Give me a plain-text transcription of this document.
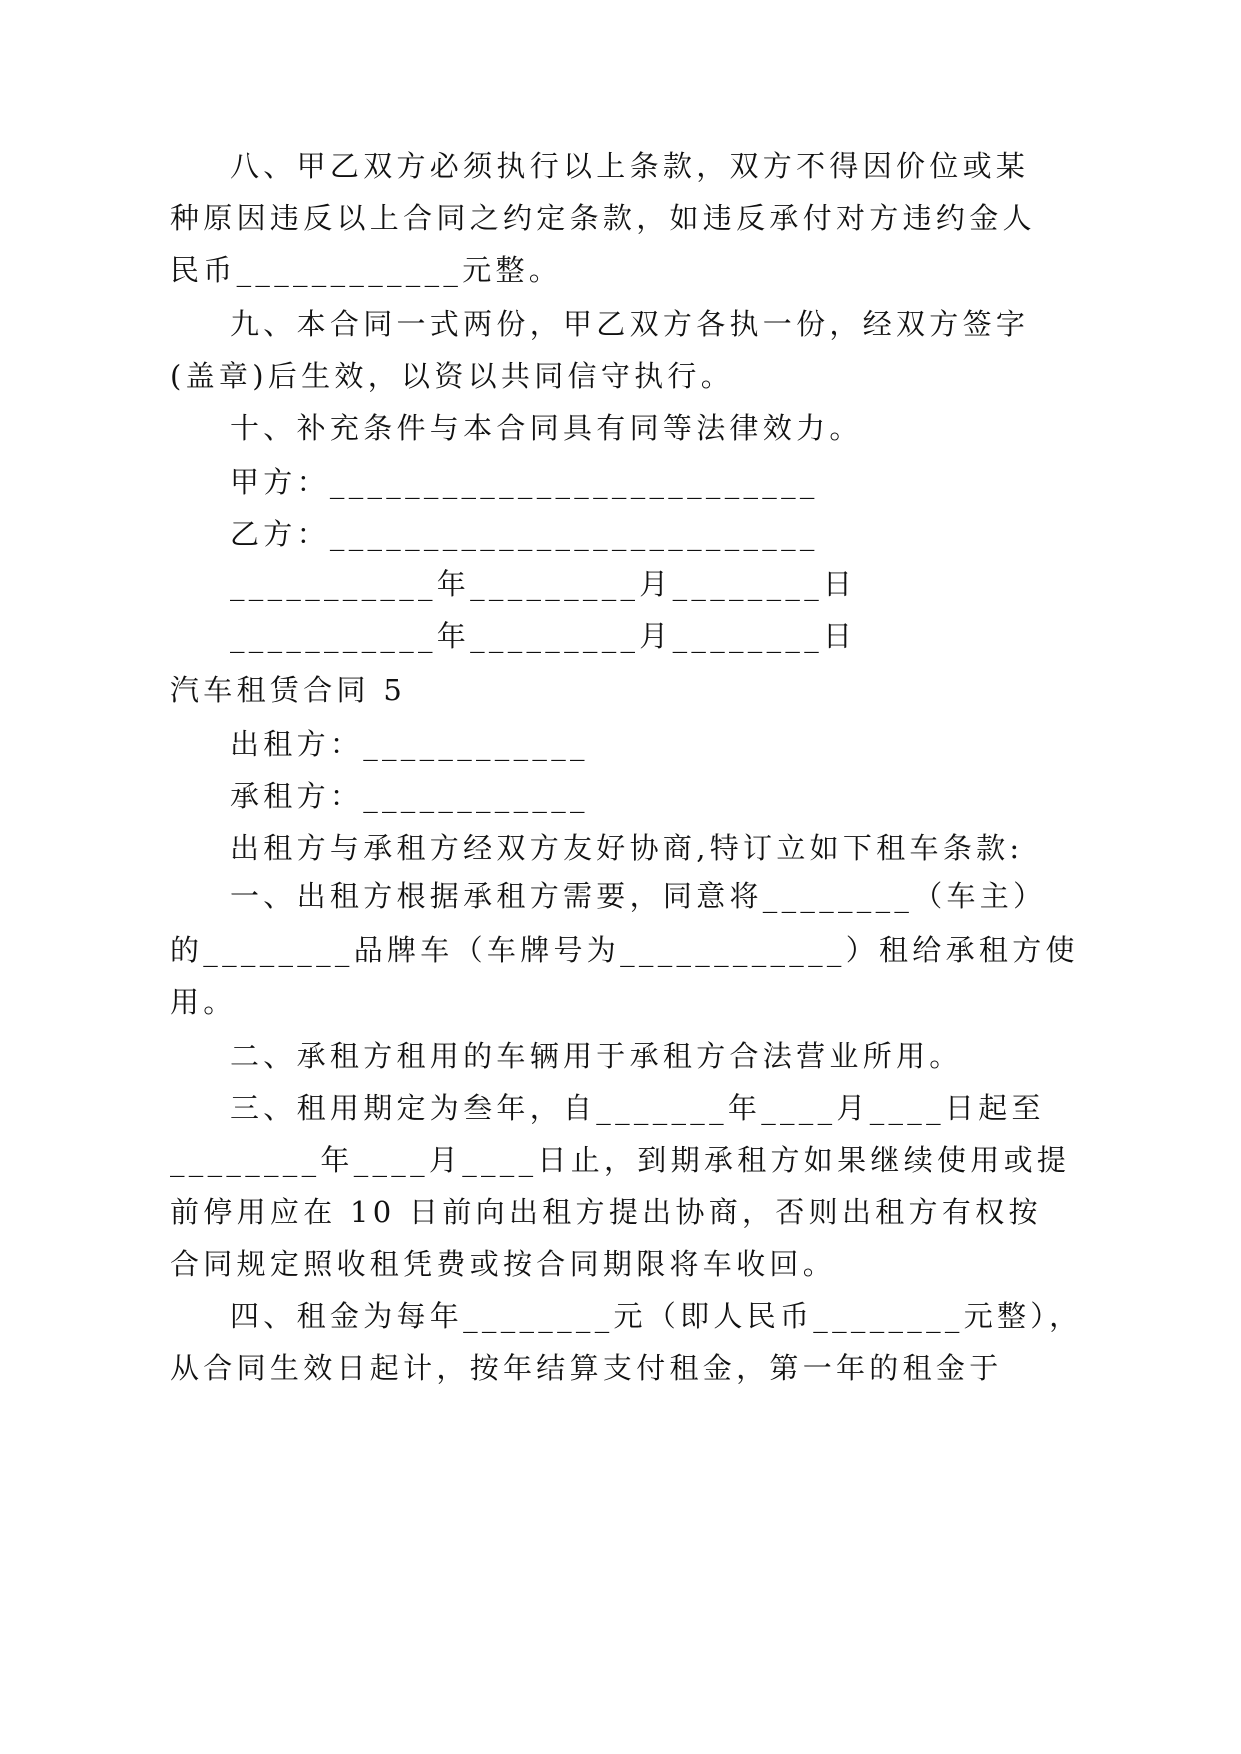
八、甲乙双方必须执行以上条款，双方不得因价位或某
种原因违反以上合同之约定条款，如违反承付对方违约金人
民币____________元整。
九、本合同一式两份，甲乙双方各执一份，经双方签字
(盖章)后生效，以资以共同信守执行。
十、补充条件与本合同具有同等法律效力。
甲方：__________________________
乙方：__________________________
___________年_________月________日
___________年_________月________日
汽车租赁合同 5
出租方：____________
承租方：____________
出租方与承租方经双方友好协商,特订立如下租车条款:
一、出租方根据承租方需要，同意将________（车主）
的________品牌车（车牌号为____________）租给承租方使
用。
二、承租方租用的车辆用于承租方合法营业所用。
三、租用期定为叁年，自_______年____月____日起至
________年____月____日止，到期承租方如果继续使用或提
前停用应在 10 日前向出租方提出协商，否则出租方有权按
合同规定照收租凭费或按合同期限将车收回。
四、租金为每年________元（即人民币________元整），
从合同生效日起计，按年结算支付租金，第一年的租金于
